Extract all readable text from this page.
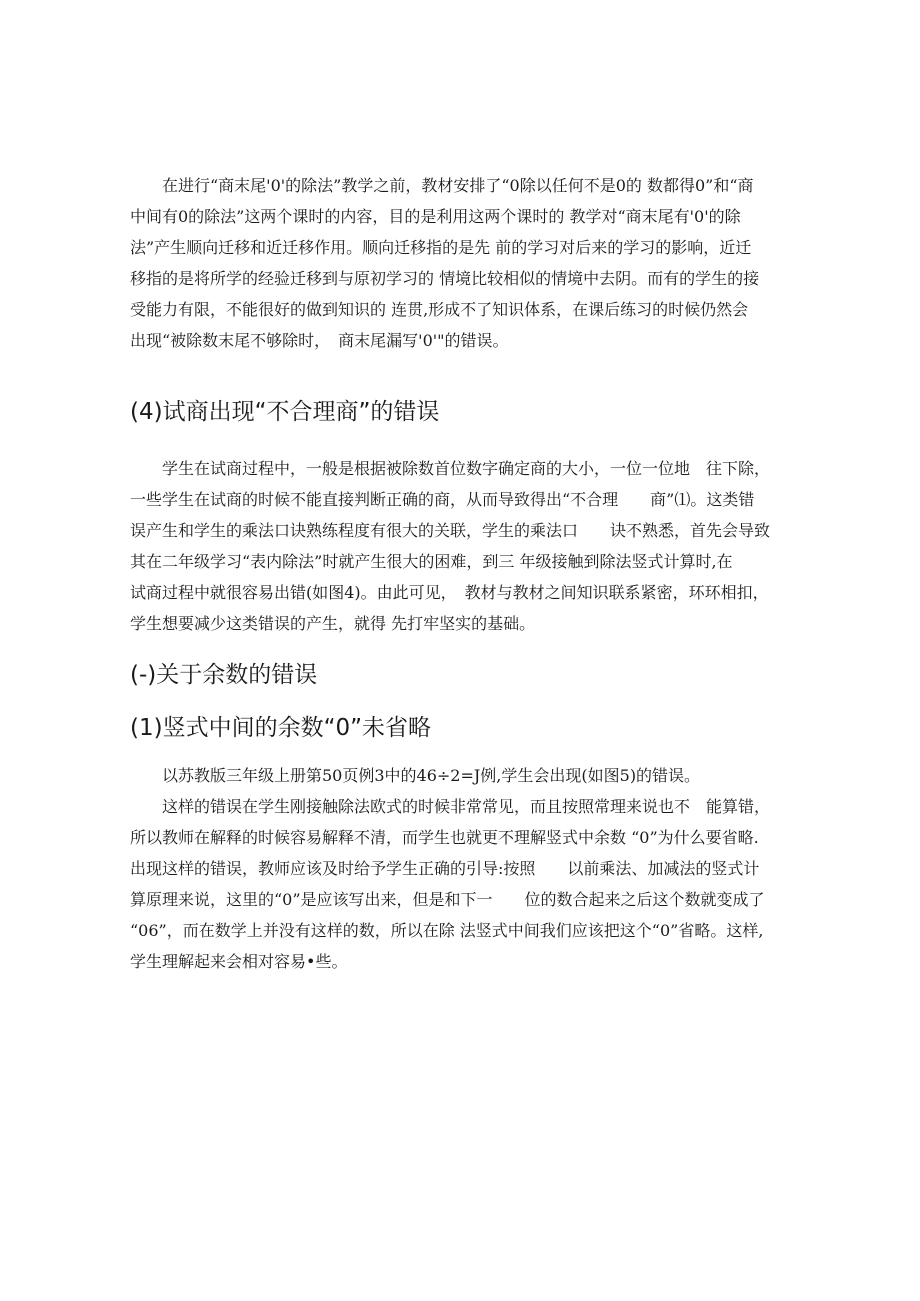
　　在进行“商末尾'0'的除法”教学之前，教材安排了“0除以任何不是0的 数都得0”和“商
中间有0的除法”这两个课时的内容，目的是利用这两个课时的 教学对“商末尾有'0'的除
法”产生顺向迁移和近迁移作用。顺向迁移指的是先 前的学习对后来的学习的影响，近迁
移指的是将所学的经验迁移到与原初学习的 情境比较相似的情境中去阴。而有的学生的接
受能力有限，不能很好的做到知识的 连贯,形成不了知识体系，在课后练习的时候仍然会
出现“被除数末尾不够除时，　商末尾漏写'0'"的错误。

(4)试商出现“不合理商”的错误

　　学生在试商过程中，一般是根据被除数首位数字确定商的大小，一位一位地　往下除，
一些学生在试商的时候不能直接判断正确的商，从而导致得出“不合理　　商”⑴。这类错
误产生和学生的乘法口诀熟练程度有很大的关联，学生的乘法口　　诀不熟悉，首先会导致
其在二年级学习“表内除法”时就产生很大的困难，到三 年级接触到除法竖式计算时,在
试商过程中就很容易出错(如图4)。由此可见，　教材与教材之间知识联系紧密，环环相扣，
学生想要减少这类错误的产生，就得 先打牢坚实的基础。

(-)关于余数的错误
(1)竖式中间的余数“0”未省略

　　以苏教版三年级上册第50页例3中的46÷2=J例,学生会出现(如图5)的错误。

　　这样的错误在学生刚接触除法欧式的时候非常常见，而且按照常理来说也不　能算错，
所以教师在解释的时候容易解释不清，而学生也就更不理解竖式中余数 “0”为什么要省略.
出现这样的错误，教师应该及时给予学生正确的引导:按照　　以前乘法、加减法的竖式计
算原理来说，这里的“0”是应该写出来，但是和下一　　位的数合起来之后这个数就变成了
“06”，而在数学上并没有这样的数，所以在除 法竖式中间我们应该把这个“0”省略。这样,
学生理解起来会相对容易•些。
